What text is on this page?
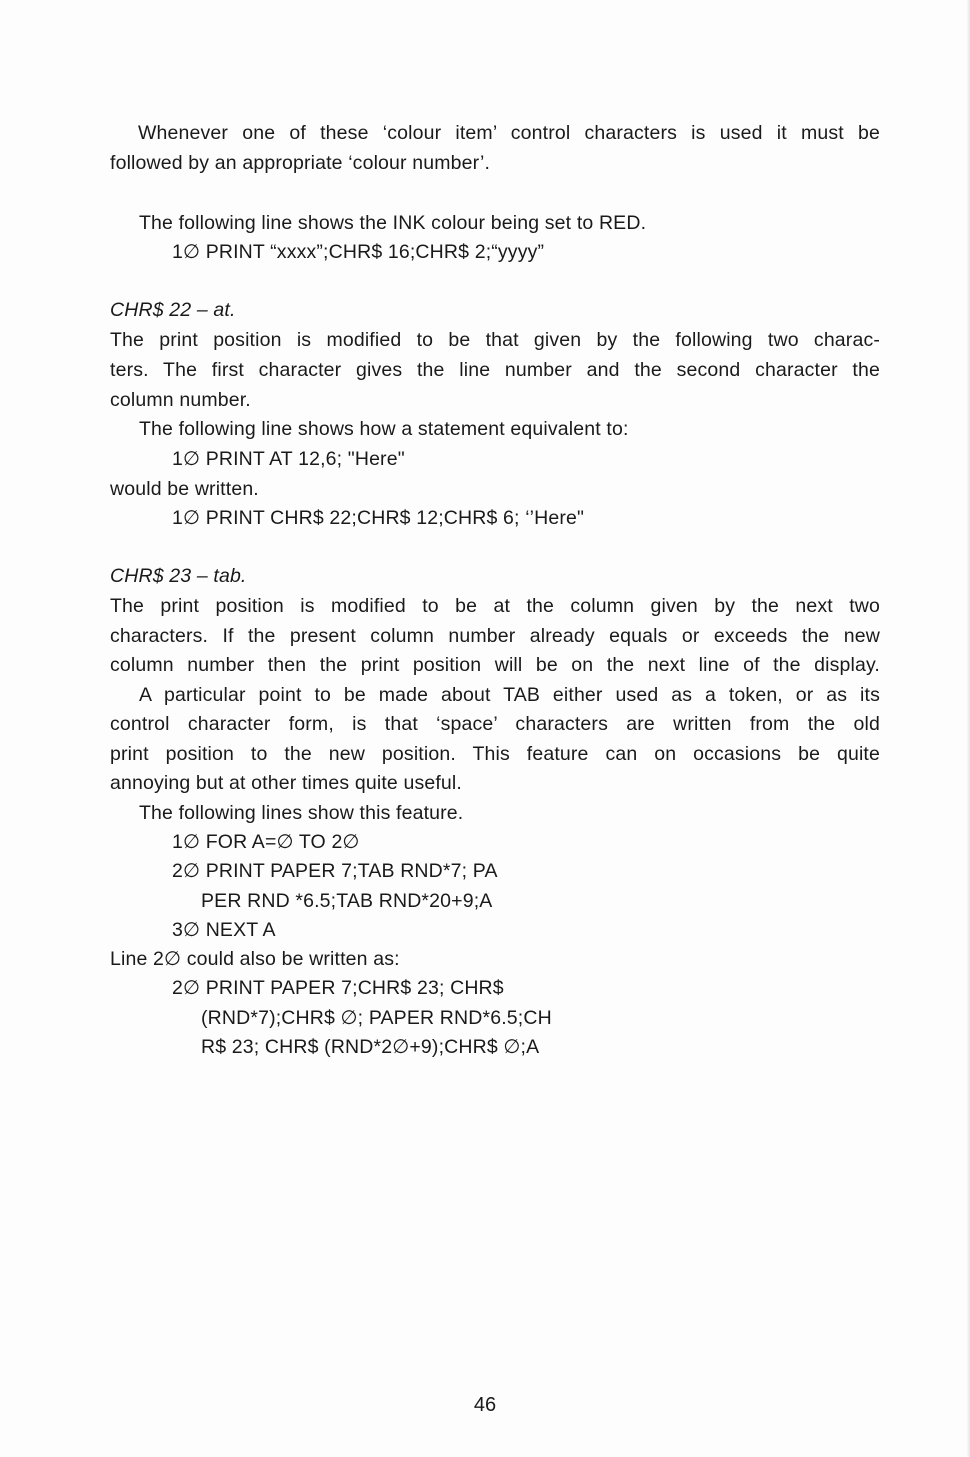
Whenever one of these ‘colour item’ control characters is used it must be
followed by an appropriate ‘colour number’.
The following line shows the INK colour being set to RED.
1∅ PRINT “xxxx”;CHR$ 16;CHR$ 2;“yyyy”
CHR$ 22 – at.
The print position is modified to be that given by the following two charac-
ters. The first character gives the line number and the second character the
column number.
The following line shows how a statement equivalent to:
1∅ PRINT AT 12,6; "Here"
would be written.
1∅ PRINT CHR$ 22;CHR$ 12;CHR$ 6; ‘’Here"
CHR$ 23 – tab.
The print position is modified to be at the column given by the next two
characters. If the present column number already equals or exceeds the new
column number then the print position will be on the next line of the display.
A particular point to be made about TAB either used as a token, or as its
control character form, is that ‘space’ characters are written from the old
print position to the new position. This feature can on occasions be quite
annoying but at other times quite useful.
The following lines show this feature.
1∅ FOR A=∅ TO 2∅
2∅ PRINT PAPER 7;TAB RND*7; PA
PER RND *6.5;TAB RND*20+9;A
3∅ NEXT A
Line 2∅ could also be written as:
2∅ PRINT PAPER 7;CHR$ 23; CHR$
(RND*7);CHR$ ∅; PAPER RND*6.5;CH
R$ 23; CHR$ (RND*2∅+9);CHR$ ∅;A
46
